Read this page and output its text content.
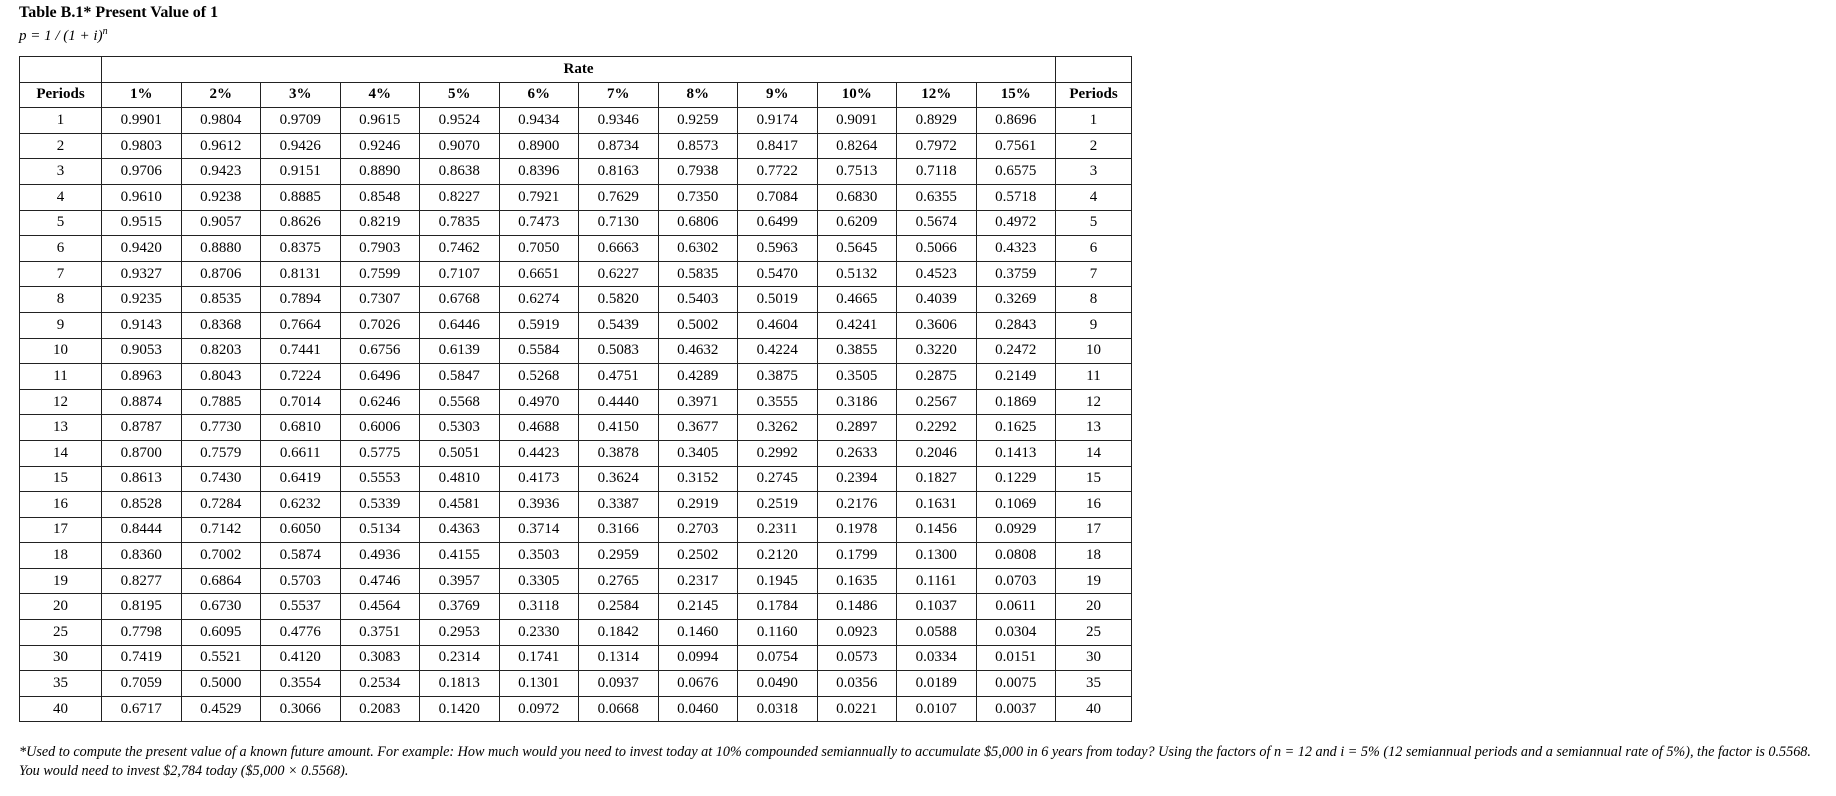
Table B.1* Present Value of 1
$p = 1 / (1 + i)^n$
	Rate												
Periods	1%	2%	3%	4%	5%	6%	7%	8%	9%	10%	12%	15%	Periods
1	0.9901	0.9804	0.9709	0.9615	0.9524	0.9434	0.9346	0.9259	0.9174	0.9091	0.8929	0.8696	1
2	0.9803	0.9612	0.9426	0.9246	0.9070	0.8900	0.8734	0.8573	0.8417	0.8264	0.7972	0.7561	2
3	0.9706	0.9423	0.9151	0.8890	0.8638	0.8396	0.8163	0.7938	0.7722	0.7513	0.7118	0.6575	3
4	0.9610	0.9238	0.8885	0.8548	0.8227	0.7921	0.7629	0.7350	0.7084	0.6830	0.6355	0.5718	4
5	0.9515	0.9057	0.8626	0.8219	0.7835	0.7473	0.7130	0.6806	0.6499	0.6209	0.5674	0.4972	5
6	0.9420	0.8880	0.8375	0.7903	0.7462	0.7050	0.6663	0.6302	0.5963	0.5645	0.5066	0.4323	6
7	0.9327	0.8706	0.8131	0.7599	0.7107	0.6651	0.6227	0.5835	0.5470	0.5132	0.4523	0.3759	7
8	0.9235	0.8535	0.7894	0.7307	0.6768	0.6274	0.5820	0.5403	0.5019	0.4665	0.4039	0.3269	8
9	0.9143	0.8368	0.7664	0.7026	0.6446	0.5919	0.5439	0.5002	0.4604	0.4241	0.3606	0.2843	9
10	0.9053	0.8203	0.7441	0.6756	0.6139	0.5584	0.5083	0.4632	0.4224	0.3855	0.3220	0.2472	10
11	0.8963	0.8043	0.7224	0.6496	0.5847	0.5268	0.4751	0.4289	0.3875	0.3505	0.2875	0.2149	11
12	0.8874	0.7885	0.7014	0.6246	0.5568	0.4970	0.4440	0.3971	0.3555	0.3186	0.2567	0.1869	12
13	0.8787	0.7730	0.6810	0.6006	0.5303	0.4688	0.4150	0.3677	0.3262	0.2897	0.2292	0.1625	13
14	0.8700	0.7579	0.6611	0.5775	0.5051	0.4423	0.3878	0.3405	0.2992	0.2633	0.2046	0.1413	14
15	0.8613	0.7430	0.6419	0.5553	0.4810	0.4173	0.3624	0.3152	0.2745	0.2394	0.1827	0.1229	15
16	0.8528	0.7284	0.6232	0.5339	0.4581	0.3936	0.3387	0.2919	0.2519	0.2176	0.1631	0.1069	16
17	0.8444	0.7142	0.6050	0.5134	0.4363	0.3714	0.3166	0.2703	0.2311	0.1978	0.1456	0.0929	17
18	0.8360	0.7002	0.5874	0.4936	0.4155	0.3503	0.2959	0.2502	0.2120	0.1799	0.1300	0.0808	18
19	0.8277	0.6864	0.5703	0.4746	0.3957	0.3305	0.2765	0.2317	0.1945	0.1635	0.1161	0.0703	19
20	0.8195	0.6730	0.5537	0.4564	0.3769	0.3118	0.2584	0.2145	0.1784	0.1486	0.1037	0.0611	20
25	0.7798	0.6095	0.4776	0.3751	0.2953	0.2330	0.1842	0.1460	0.1160	0.0923	0.0588	0.0304	25
30	0.7419	0.5521	0.4120	0.3083	0.2314	0.1741	0.1314	0.0994	0.0754	0.0573	0.0334	0.0151	30
35	0.7059	0.5000	0.3554	0.2534	0.1813	0.1301	0.0937	0.0676	0.0490	0.0356	0.0189	0.0075	35
40	0.6717	0.4529	0.3066	0.2083	0.1420	0.0972	0.0668	0.0460	0.0318	0.0221	0.0107	0.0037	40
*Used to compute the present value of a known future amount. For example: How much would you need to invest today at 10% compounded semiannually to accumulate $5,000 in 6 years from today? Using the factors of n = 12 and i = 5% (12 semiannual periods and a semiannual rate of 5%), the factor is 0.5568. You would need to invest $2,784 today ($5,000 × 0.5568).
